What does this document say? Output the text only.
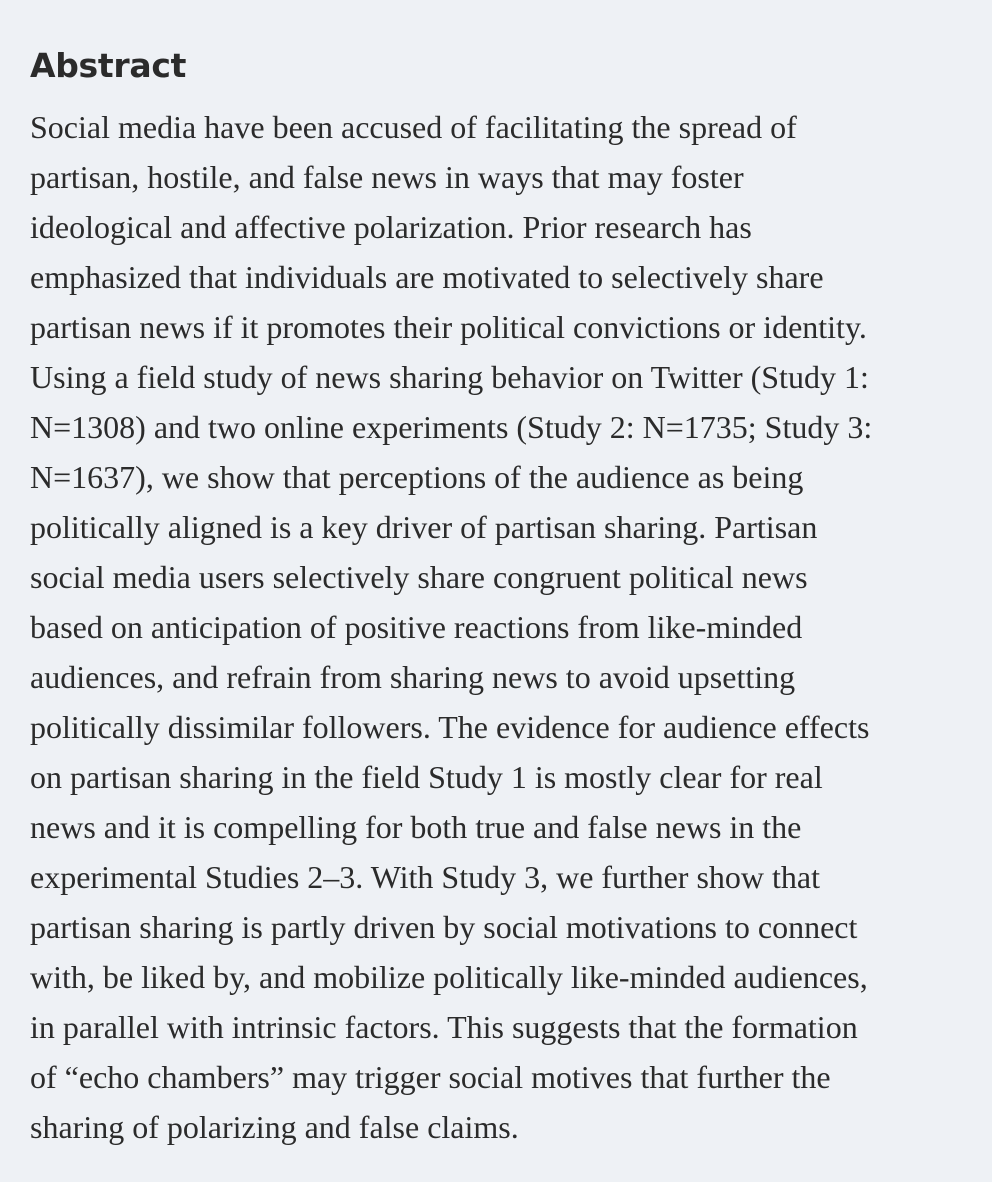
Abstract

Social media have been accused of facilitating the spread of
partisan, hostile, and false news in ways that may foster
ideological and affective polarization. Prior research has
emphasized that individuals are motivated to selectively share
partisan news if it promotes their political convictions or identity.
Using a field study of news sharing behavior on Twitter (Study 1:
N=1308) and two online experiments (Study 2: N=1735; Study 3:
N=1637), we show that perceptions of the audience as being
politically aligned is a key driver of partisan sharing. Partisan
social media users selectively share congruent political news
based on anticipation of positive reactions from like-minded
audiences, and refrain from sharing news to avoid upsetting
politically dissimilar followers. The evidence for audience effects
on partisan sharing in the field Study 1 is mostly clear for real
news and it is compelling for both true and false news in the
experimental Studies 2–3. With Study 3, we further show that
partisan sharing is partly driven by social motivations to connect
with, be liked by, and mobilize politically like-minded audiences,
in parallel with intrinsic factors. This suggests that the formation
of “echo chambers” may trigger social motives that further the
sharing of polarizing and false claims.
